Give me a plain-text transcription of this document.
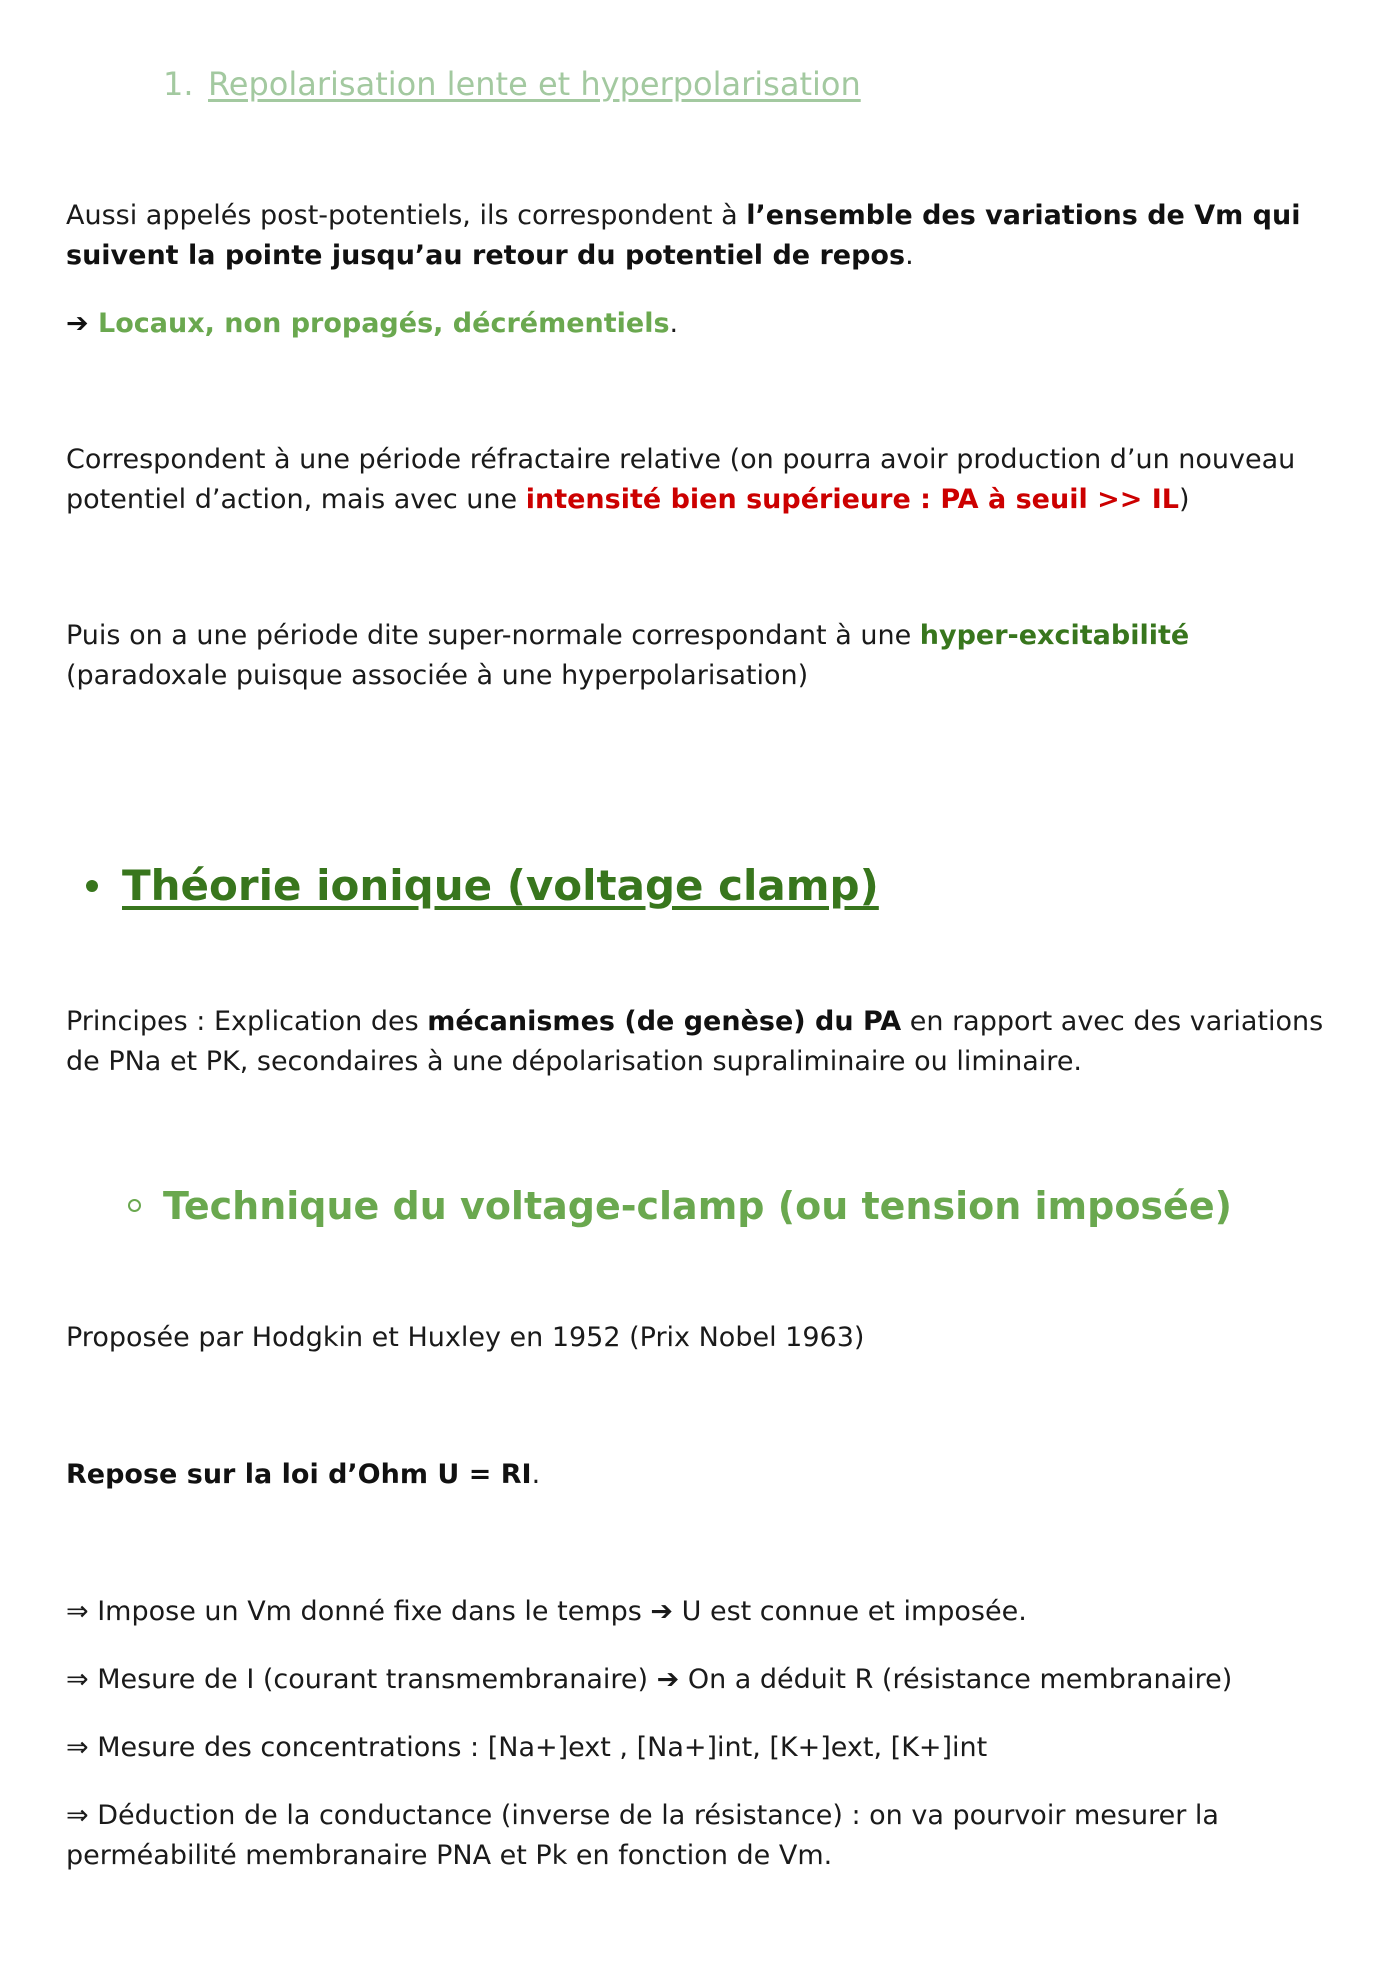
1. Repolarisation lente et hyperpolarisation
Aussi appelés post-potentiels, ils correspondent à l’ensemble des variations de Vm qui suivent la pointe jusqu’au retour du potentiel de repos.
➔ Locaux, non propagés, décrémentiels.
Correspondent à une période réfractaire relative (on pourra avoir production d’un nouveau potentiel d’action, mais avec une intensité bien supérieure : PA à seuil >> IL)
Puis on a une période dite super-normale correspondant à une hyper-excitabilité (paradoxale puisque associée à une hyperpolarisation)
Théorie ionique (voltage clamp)
Principes : Explication des mécanismes (de genèse) du PA en rapport avec des variations de PNa et PK, secondaires à une dépolarisation supraliminaire ou liminaire.
Technique du voltage-clamp (ou tension imposée)
Proposée par Hodgkin et Huxley en 1952 (Prix Nobel 1963)
Repose sur la loi d’Ohm U = RI.
⇒ Impose un Vm donné fixe dans le temps ➔ U est connue et imposée.
⇒ Mesure de I (courant transmembranaire) ➔ On a déduit R (résistance membranaire)
⇒ Mesure des concentrations : [Na+]ext , [Na+]int, [K+]ext, [K+]int
⇒ Déduction de la conductance (inverse de la résistance) : on va pourvoir mesurer la perméabilité membranaire PNA et Pk en fonction de Vm.
